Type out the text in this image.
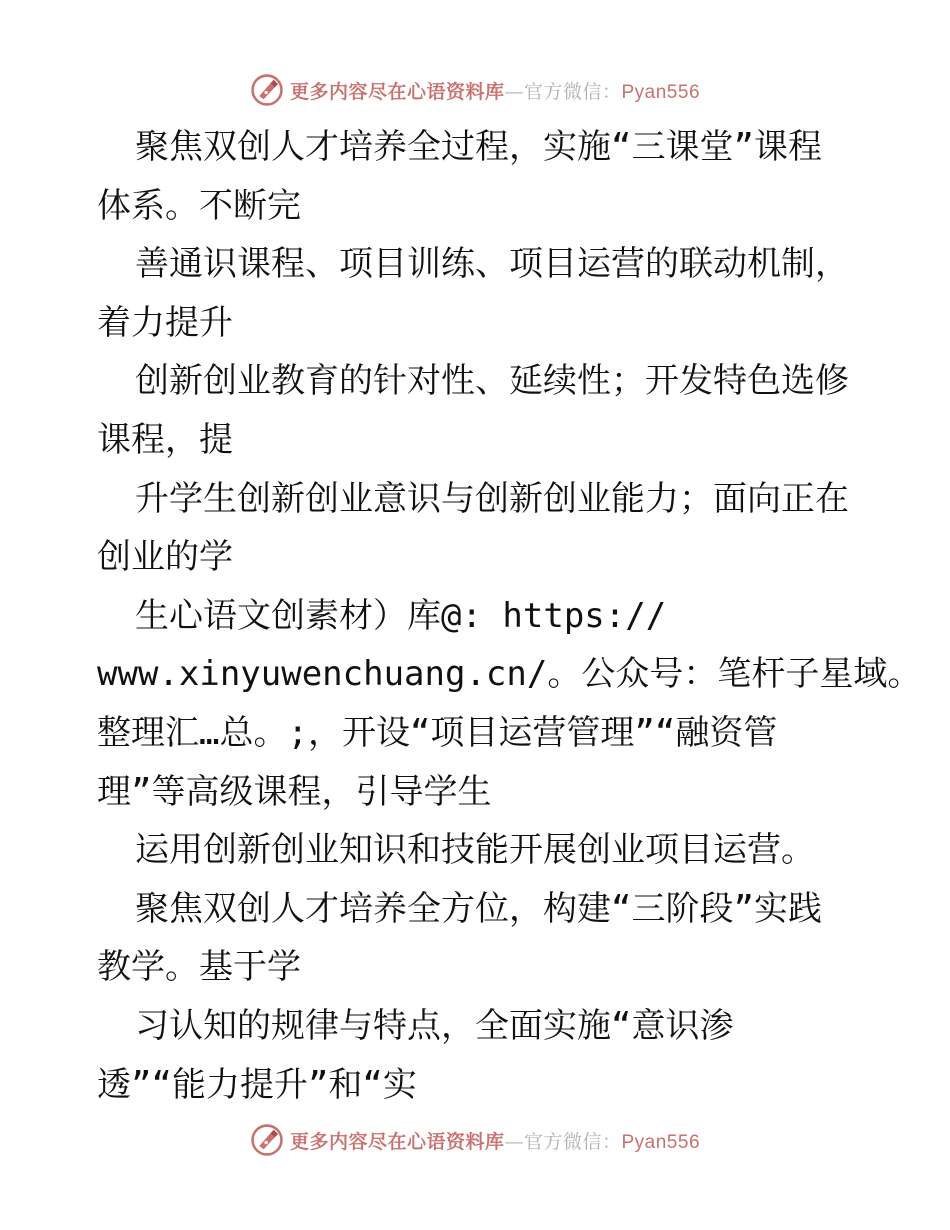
更多内容尽在心语资料库—官方微信：Pyan556
聚焦双创人才培养全过程，实施“三课堂”课程
体系。不断完
善通识课程、项目训练、项目运营的联动机制，
着力提升
创新创业教育的针对性、延续性；开发特色选修
课程，提
升学生创新创业意识与创新创业能力；面向正在
创业的学
生心语文创素材）库@: https://
www.xinyuwenchuang.cn/。公众号：笔杆子星域。
整理汇…总。;，开设“项目运营管理”“融资管
理”等高级课程，引导学生
运用创新创业知识和技能开展创业项目运营。
聚焦双创人才培养全方位，构建“三阶段”实践
教学。基于学
习认知的规律与特点，全面实施“意识渗
透”“能力提升”和“实
更多内容尽在心语资料库—官方微信：Pyan556
